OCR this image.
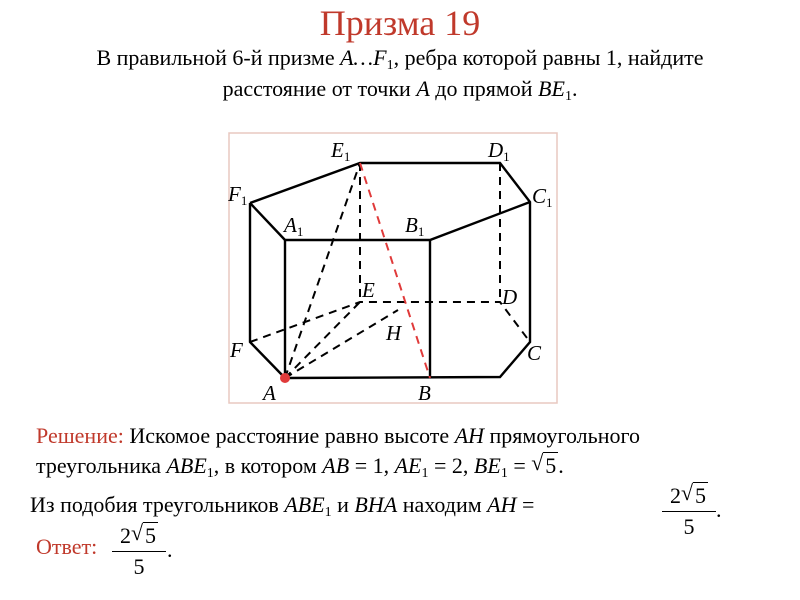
Призма 19
В правильной 6-й призме $A\dots F_1$, ребра которой равны 1, найдите
расстояние от точки A до прямой $BE_1$.
A	B
C
D
E
F
H
A1	B1
C1
D1
E1
F1
Решение: Искомое расстояние равно высоте AH прямоугольного
треугольника $ABE_1$, в котором AB = 1, $AE_1 = 2$, $BE_1$ = √ 5.
Из подобия треугольников $ABE_1$ и BHA находим AH =	$\frac{2 √ 5}{5}$ .
Ответ: $\frac{2 √ 5}{5}$ .
